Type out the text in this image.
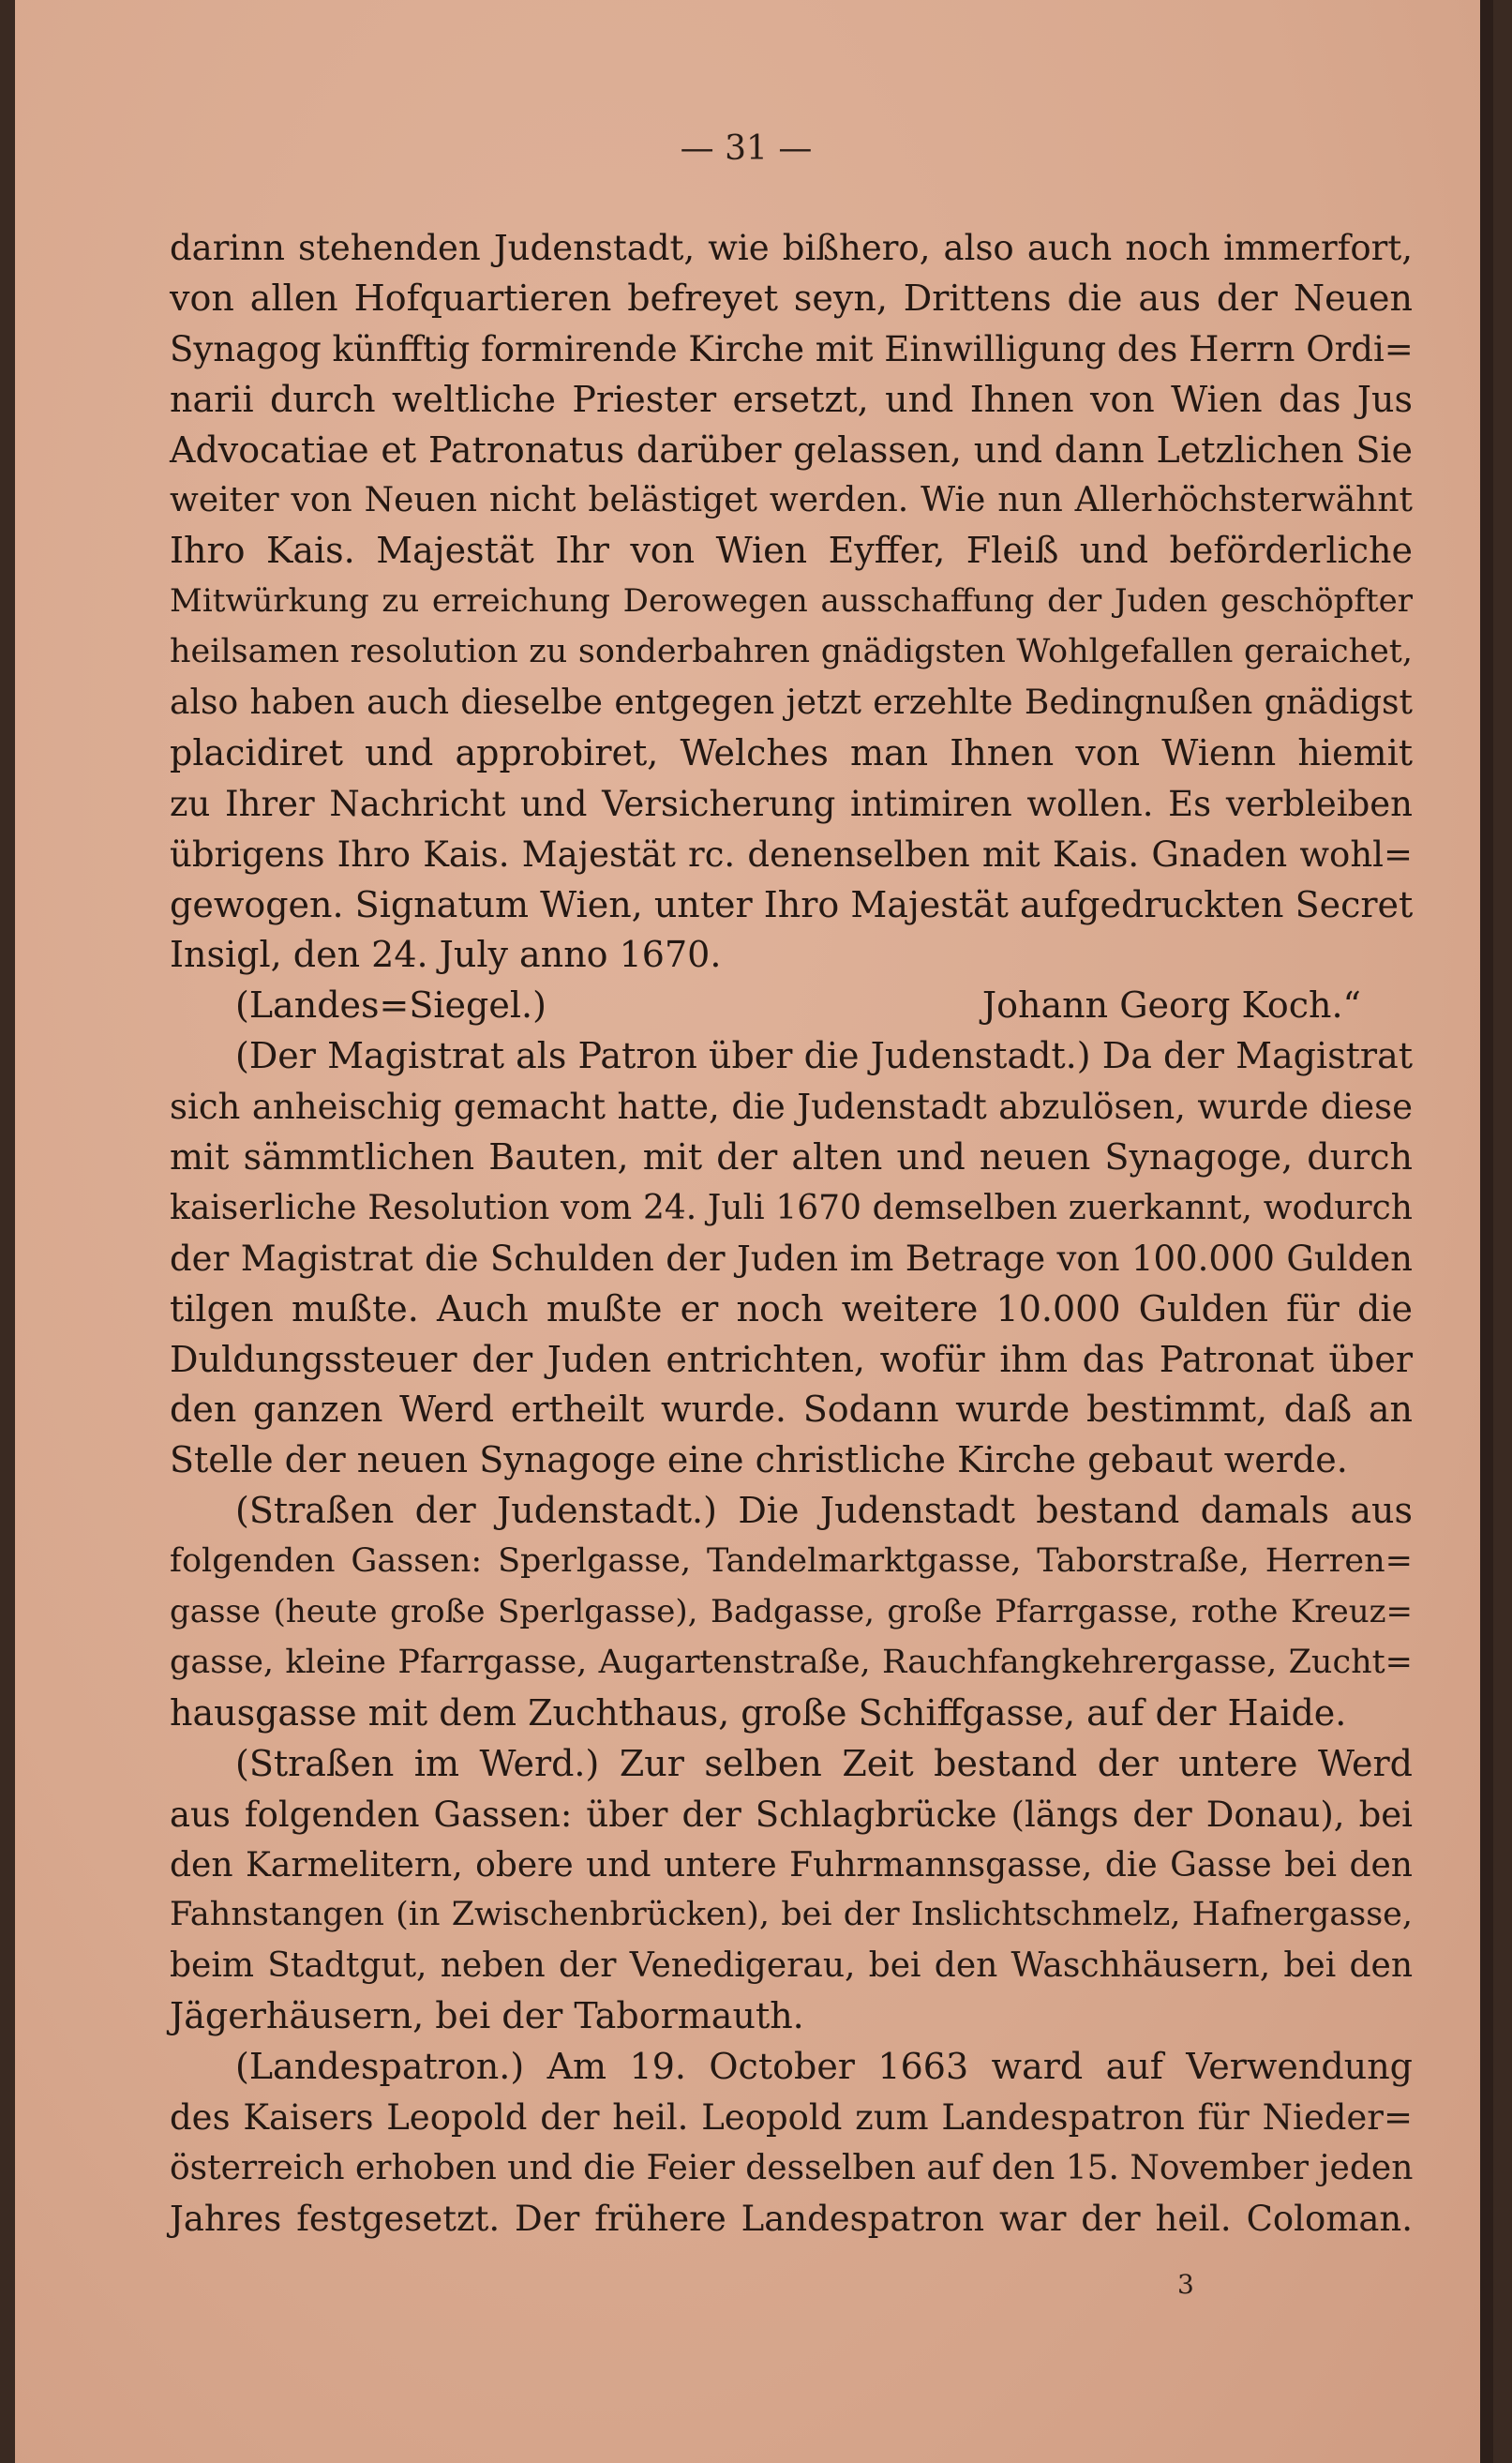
— 31 —
darinn stehenden Judenstadt, wie bißhero, also auch noch immerfort,
von allen Hofquartieren befreyet seyn, Drittens die aus der Neuen
Synagog künfftig formirende Kirche mit Einwilligung des Herrn Ordi=
narii durch weltliche Priester ersetzt, und Ihnen von Wien das Jus
Advocatiae et Patronatus darüber gelassen, und dann Letzlichen Sie
weiter von Neuen nicht belästiget werden. Wie nun Allerhöchsterwähnt
Ihro Kais. Majestät Ihr von Wien Eyffer, Fleiß und beförderliche
Mitwürkung zu erreichung Derowegen ausschaffung der Juden geschöpfter
heilsamen resolution zu sonderbahren gnädigsten Wohlgefallen geraichet,
also haben auch dieselbe entgegen jetzt erzehlte Bedingnußen gnädigst
placidiret und approbiret, Welches man Ihnen von Wienn hiemit
zu Ihrer Nachricht und Versicherung intimiren wollen. Es verbleiben
übrigens Ihro Kais. Majestät rc. denenselben mit Kais. Gnaden wohl=
gewogen. Signatum Wien, unter Ihro Majestät aufgedruckten Secret
Insigl, den 24. July anno 1670.
(Landes=Siegel.)	Johann Georg Koch.“
(Der Magistrat als Patron über die Judenstadt.) Da der Magistrat
sich anheischig gemacht hatte, die Judenstadt abzulösen, wurde diese
mit sämmtlichen Bauten, mit der alten und neuen Synagoge, durch
kaiserliche Resolution vom 24. Juli 1670 demselben zuerkannt, wodurch
der Magistrat die Schulden der Juden im Betrage von 100.000 Gulden
tilgen mußte. Auch mußte er noch weitere 10.000 Gulden für die
Duldungssteuer der Juden entrichten, wofür ihm das Patronat über
den ganzen Werd ertheilt wurde. Sodann wurde bestimmt, daß an
Stelle der neuen Synagoge eine christliche Kirche gebaut werde.
(Straßen der Judenstadt.) Die Judenstadt bestand damals aus
folgenden Gassen: Sperlgasse, Tandelmarktgasse, Taborstraße, Herren=
gasse (heute große Sperlgasse), Badgasse, große Pfarrgasse, rothe Kreuz=
gasse, kleine Pfarrgasse, Augartenstraße, Rauchfangkehrergasse, Zucht=
hausgasse mit dem Zuchthaus, große Schiffgasse, auf der Haide.
(Straßen im Werd.) Zur selben Zeit bestand der untere Werd
aus folgenden Gassen: über der Schlagbrücke (längs der Donau), bei
den Karmelitern, obere und untere Fuhrmannsgasse, die Gasse bei den
Fahnstangen (in Zwischenbrücken), bei der Inslichtschmelz, Hafnergasse,
beim Stadtgut, neben der Venedigerau, bei den Waschhäusern, bei den
Jägerhäusern, bei der Tabormauth.
(Landespatron.) Am 19. October 1663 ward auf Verwendung
des Kaisers Leopold der heil. Leopold zum Landespatron für Nieder=
österreich erhoben und die Feier desselben auf den 15. November jeden
Jahres festgesetzt. Der frühere Landespatron war der heil. Coloman.
3
